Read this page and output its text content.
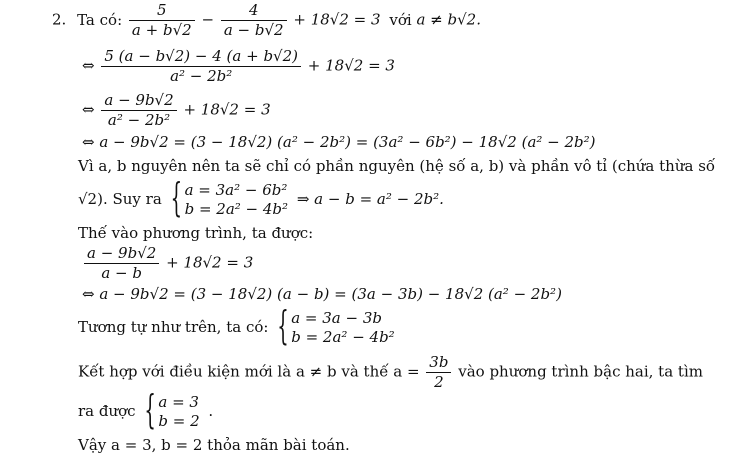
2. Ta có: $\frac{5}{a + b√2} - \frac{4}{a - b√2} + 18√2 = 3$ với a ≠ b√2.
⇔ $\frac{5 (a - b√2) - 4 (a + b√2)}{\text{a² − 2b²}} + 18√2 = 3$
⇔ $\frac{a - 9b√2}{\text{a² − 2b²}} + 18√2 = 3$
⇔ a − 9b√2 = (3 − 18√2) (a² − 2b²) = (3a² − 6b²) − 18√2 (a² − 2b²)
Vì a, b nguyên nên ta sẽ chỉ có phần nguyên (hệ số a, b) và phần vô tỉ (chứa thừa số
√2). Suy ra { a = 3a² − 6b²
b = 2a² − 4b²
⇒ a − b = a² − 2b².
Thế vào phương trình, ta được:
$\frac{a - 9b√2}{a - b} + 18√2 = 3$
⇔ a − 9b√2 = (3 − 18√2) (a − b) = (3a − 3b) − 18√2 (a² − 2b²)
Tương tự như trên, ta có: { a = 3a − 3b
b = 2a² − 4b²
Kết hợp với điều kiện mới là a ≠ b và thế $a = \frac{3b}{2}$ vào phương trình bậc hai, ta tìm
ra được { a = 3
b = 2
.
Vậy a = 3, b = 2 thỏa mãn bài toán.
